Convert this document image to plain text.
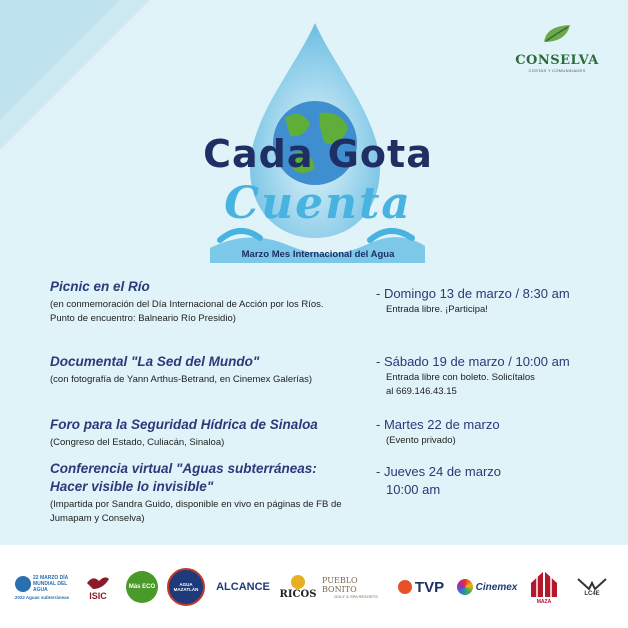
CONSELVA
COSTAS Y COMUNIDADES
Cada Gota
Cuenta
Marzo Mes Internacional del Agua
Picnic en el Río
(en conmemoración del Día Internacional de Acción por los Ríos. Punto de encuentro: Balneario Río Presidio)
- Domingo 13 de marzo / 8:30 am
Entrada libre. ¡Participa!
Documental "La Sed del Mundo"
(con fotografía de Yann Arthus-Betrand, en Cinemex Galerías)
- Sábado 19 de marzo / 10:00 am
Entrada libre con boleto. Solicítalos al 669.146.43.15
Foro para la Seguridad Hídrica de Sinaloa
(Congreso del Estado, Culiacán, Sinaloa)
- Martes 22 de marzo
(Evento privado)
Conferencia virtual "Aguas subterráneas: Hacer visible lo invisible"
(Impartida por Sandra Guido, disponible en vivo en páginas de FB de Jumapam y Conselva)
- Jueves 24 de marzo
10:00 am
22 MARZO DÍA MUNDIAL DEL AGUA
2022 Aguas subterráneas ISIC
Más ECO	AGUA MAZATLÁN	ALCANCE
RICOS
PUEBLO BONITO
GOLF & SPA RESORTS
TVP	Cinemex
MAZA
LC4E
